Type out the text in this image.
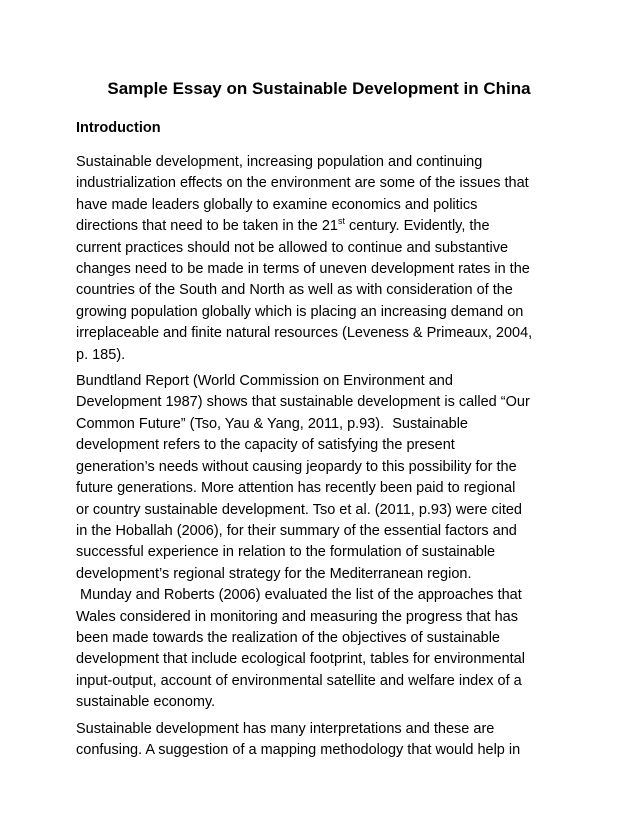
Sample Essay on Sustainable Development in China
Introduction

Sustainable development, increasing population and continuing
industrialization effects on the environment are some of the issues that
have made leaders globally to examine economics and politics
directions that need to be taken in the 21st century. Evidently, the
current practices should not be allowed to continue and substantive
changes need to be made in terms of uneven development rates in the
countries of the South and North as well as with consideration of the
growing population globally which is placing an increasing demand on
irreplaceable and finite natural resources (Leveness & Primeaux, 2004,
p. 185).

Bundtland Report (World Commission on Environment and
Development 1987) shows that sustainable development is called “Our
Common Future” (Tso, Yau & Yang, 2011, p.93).  Sustainable
development refers to the capacity of satisfying the present
generation’s needs without causing jeopardy to this possibility for the
future generations. More attention has recently been paid to regional
or country sustainable development. Tso et al. (2011, p.93) were cited
in the Hoballah (2006), for their summary of the essential factors and
successful experience in relation to the formulation of sustainable
development’s regional strategy for the Mediterranean region.
Munday and Roberts (2006) evaluated the list of the approaches that
Wales considered in monitoring and measuring the progress that has
been made towards the realization of the objectives of sustainable
development that include ecological footprint, tables for environmental
input-output, account of environmental satellite and welfare index of a
sustainable economy.

Sustainable development has many interpretations and these are
confusing. A suggestion of a mapping methodology that would help in
